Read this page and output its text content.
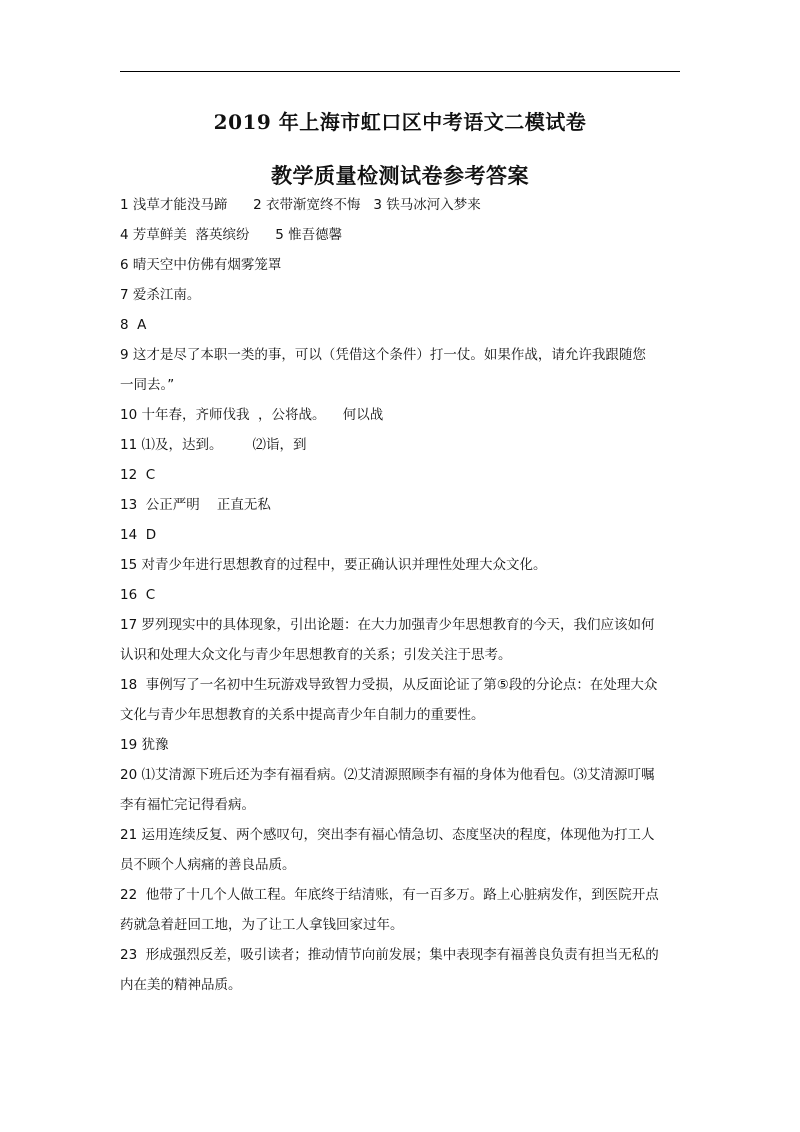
2019 年上海市虹口区中考语文二模试卷
教学质量检测试卷参考答案

1 浅草才能没马蹄      2 衣带渐宽终不悔   3 铁马冰河入梦来

4 芳草鲜美  落英缤纷      5 惟吾德馨

6 晴天空中仿佛有烟雾笼罩

7 爱杀江南。

8  A

9 这才是尽了本职一类的事，可以（凭借这个条件）打一仗。如果作战，请允许我跟随您

一同去。”

10 十年春，齐师伐我  ，公将战。    何以战

11 ⑴及，达到。       ⑵诣，到

12  C

13  公正严明    正直无私

14  D

15 对青少年进行思想教育的过程中，要正确认识并理性处理大众文化。

16  C

17 罗列现实中的具体现象，引出论题：在大力加强青少年思想教育的今天，我们应该如何

认识和处理大众文化与青少年思想教育的关系；引发关注于思考。

18  事例写了一名初中生玩游戏导致智力受损，从反面论证了第⑤段的分论点：在处理大众

文化与青少年思想教育的关系中提高青少年自制力的重要性。

19 犹豫

20 ⑴艾清源下班后还为李有福看病。⑵艾清源照顾李有福的身体为他看包。⑶艾清源叮嘱

李有福忙完记得看病。

21 运用连续反复、两个感叹句，突出李有福心情急切、态度坚决的程度，体现他为打工人

员不顾个人病痛的善良品质。

22  他带了十几个人做工程。年底终于结清账，有一百多万。路上心脏病发作，到医院开点

药就急着赶回工地，为了让工人拿钱回家过年。

23  形成强烈反差，吸引读者；推动情节向前发展；集中表现李有福善良负责有担当无私的

内在美的精神品质。
